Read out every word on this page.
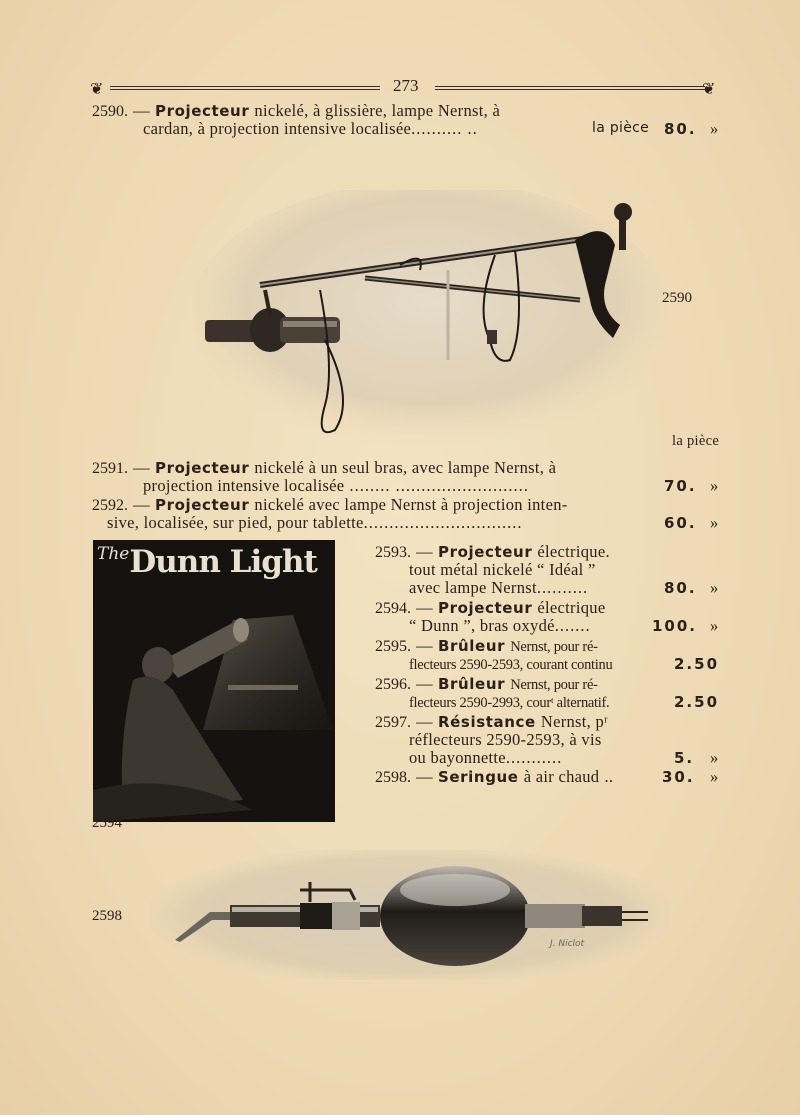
❦	273	❦
2590. — Projecteur nickelé, à glissière, lampe Nernst, à
cardan, à projection intensive localisée.......... ..	la pièce 80. »
2590
la pièce
2591. — Projecteur nickelé à un seul bras, avec lampe Nernst, à
projection intensive localisée ........ ..........................	70. »
2592. — Projecteur nickelé avec lampe Nernst à projection inten-
sive, localisée, sur pied, pour tablette...............................	60. »
TheDunn Light
2594
2593. — Projecteur électrique.
tout métal nickelé “ Idéal ”
avec lampe Nernst..........	80. »
2594. — Projecteur électrique
“ Dunn ”, bras oxydé.......	100. »
2595. — Brûleur Nernst, pour ré-
flecteurs 2590-2593, courant continu	2.50
2596. — Brûleur Nernst, pour ré-
flecteurs 2590-2993, courᵗ alternatif.	2.50
2597. — Résistance Nernst, pʳ
réflecteurs 2590-2593, à vis
ou bayonnette...........	5. »
2598. — Seringue à air chaud ..	30. »
2598
J. Niclot
